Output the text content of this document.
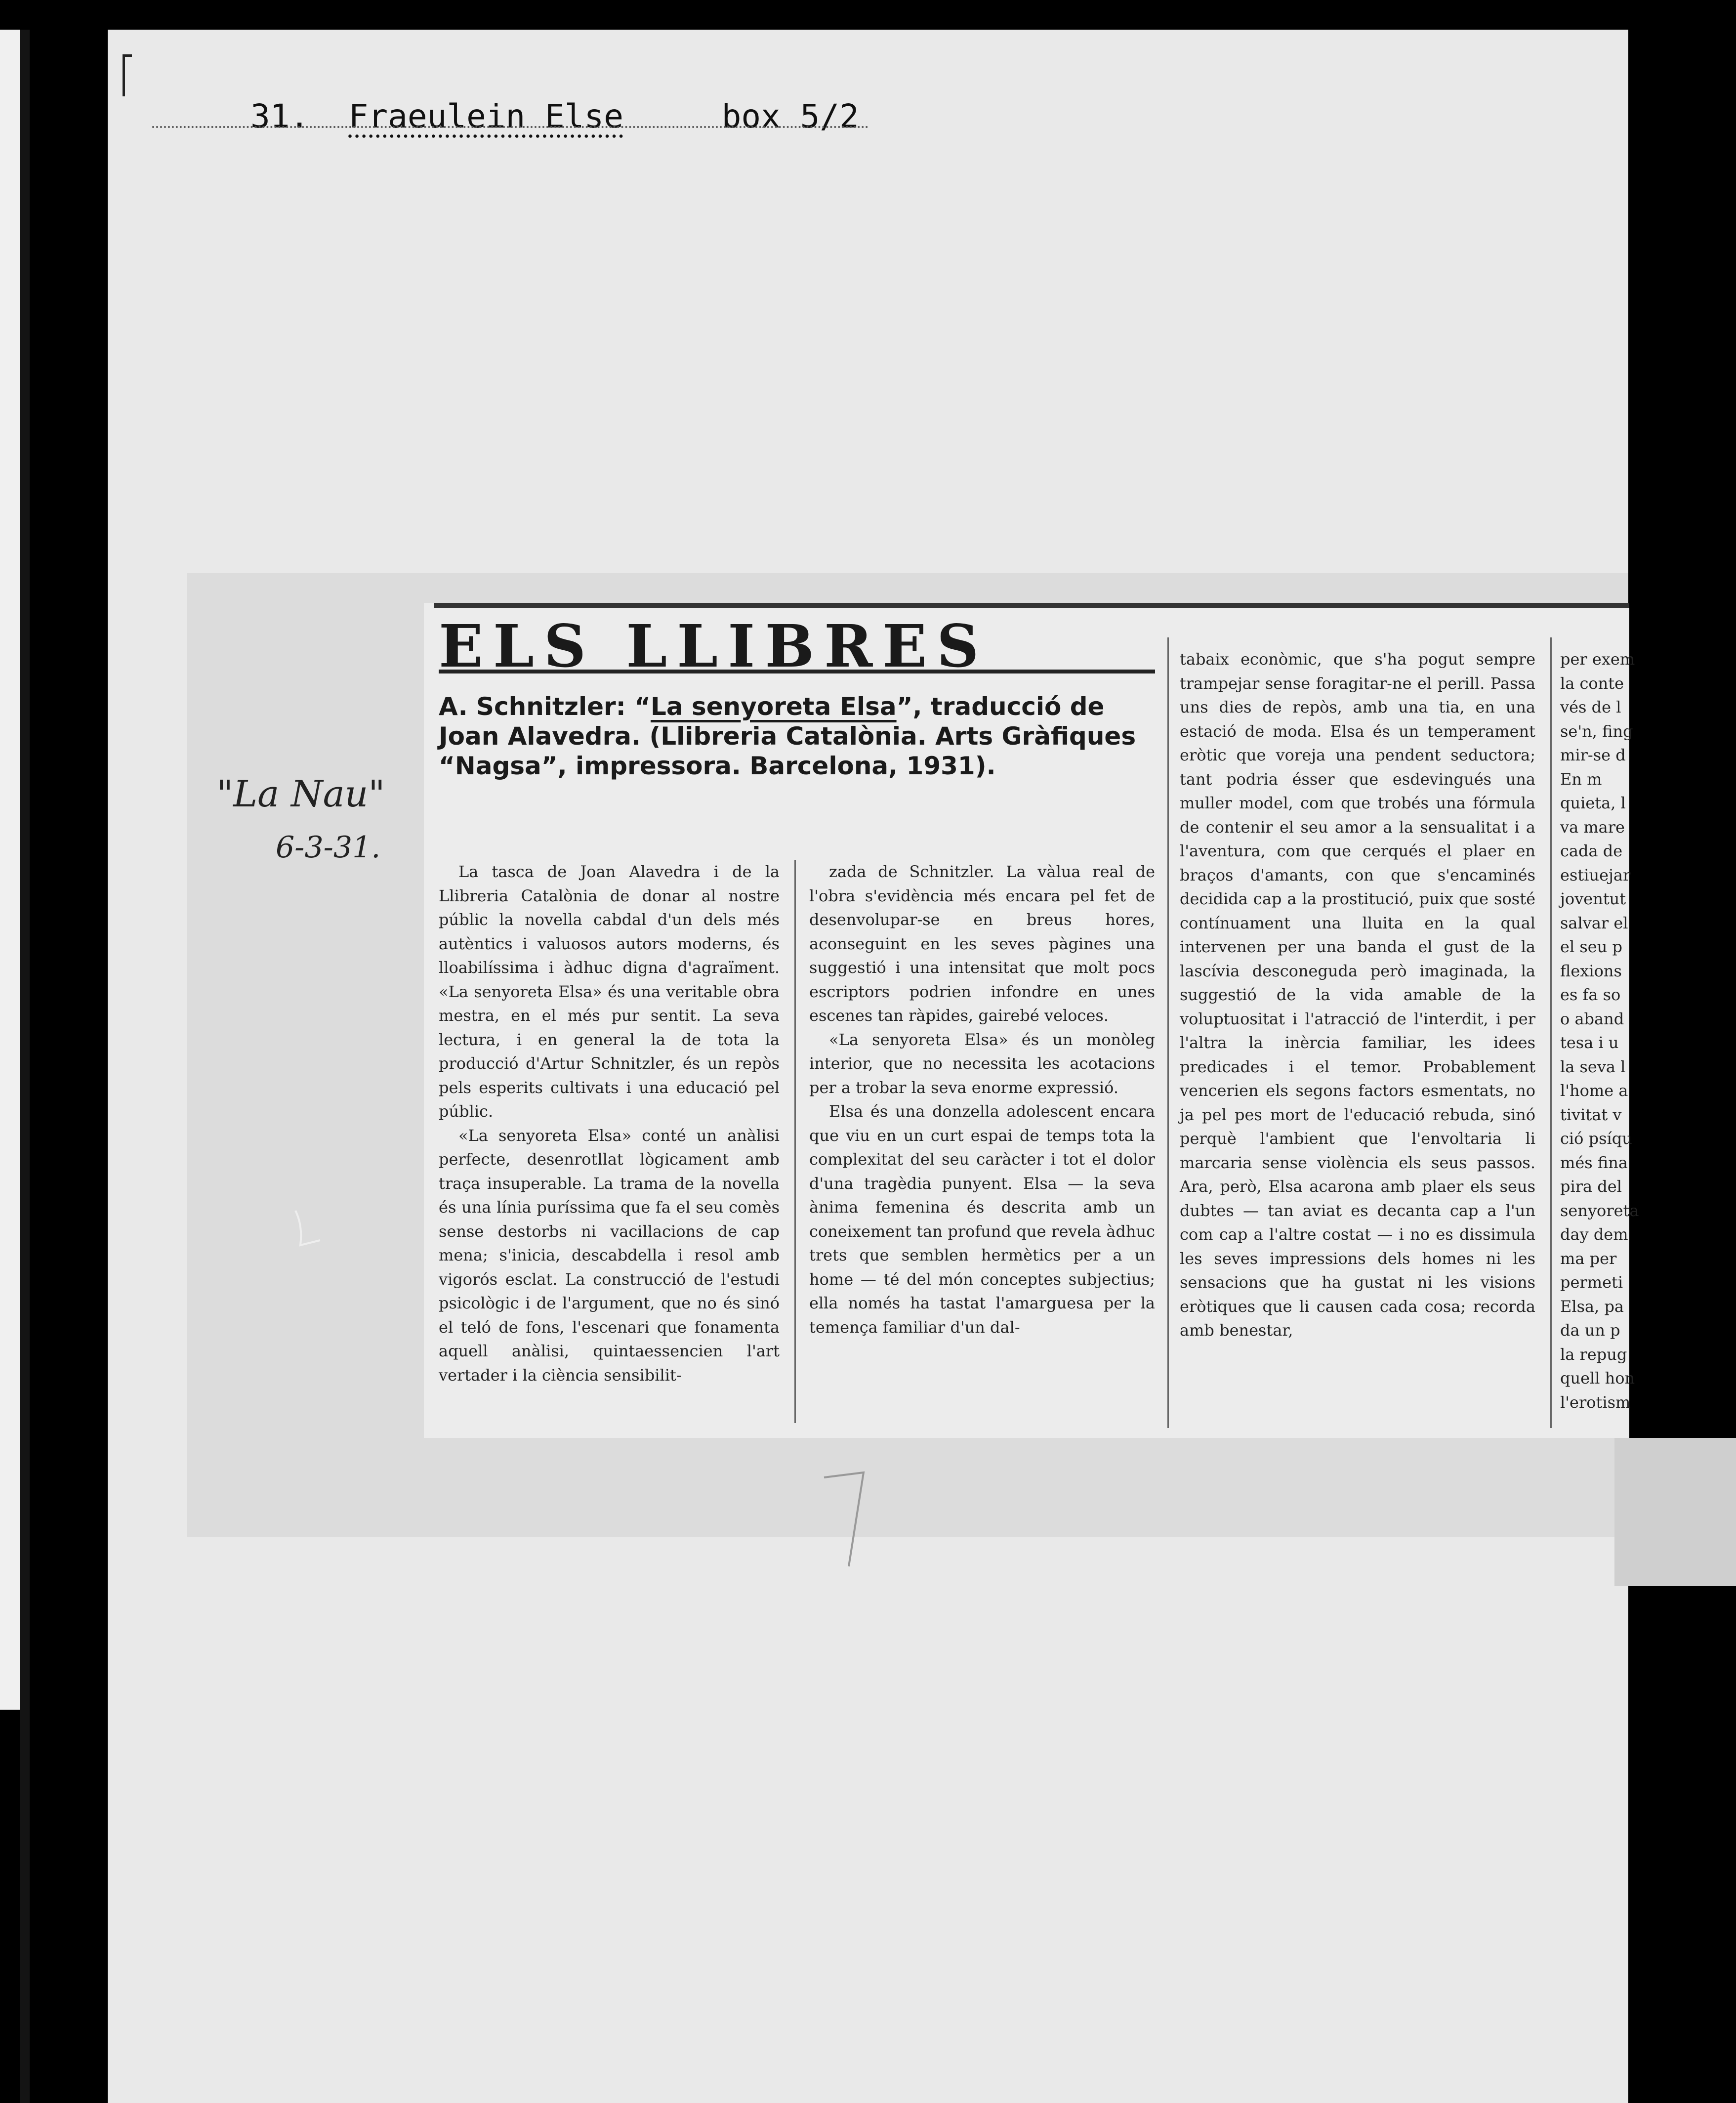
31. Fraeulein Else	box 5/2

"La Nau"
6-3-31.
ELS LLIBRES
A. Schnitzler: “La senyoreta Elsa”, traducció de Joan Alavedra. (Llibreria Catalònia. Arts Gràfiques “Nagsa”, impressora. Barcelona, 1931).

La tasca de Joan Alavedra i de la Llibreria Catalònia de donar al nostre públic la novella cabdal d'un dels més autèntics i valuosos autors moderns, és lloabilíssima i àdhuc digna d'agraïment. «La senyoreta Elsa» és una veritable obra mestra, en el més pur sentit. La seva lectura, i en general la de tota la producció d'Artur Schnitzler, és un repòs pels esperits cultivats i una educació pel públic.

«La senyoreta Elsa» conté un anàlisi perfecte, desenrotllat lògicament amb traça insuperable. La trama de la novella és una línia puríssima que fa el seu comès sense destorbs ni vacillacions de cap mena; s'inicia, descabdella i resol amb vigorós esclat. La construcció de l'estudi psicològic i de l'argument, que no és sinó el teló de fons, l'escenari que fonamenta aquell anàlisi, quintaessencien l'art vertader i la ciència sensibilit-

zada de Schnitzler. La vàlua real de l'obra s'evidència més encara pel fet de desenvolupar-se en breus hores, aconseguint en les seves pàgines una suggestió i una intensitat que molt pocs escriptors podrien infondre en unes escenes tan ràpides, gairebé veloces.

«La senyoreta Elsa» és un monòleg interior, que no necessita les acotacions per a trobar la seva enorme expressió.

Elsa és una donzella adolescent encara que viu en un curt espai de temps tota la complexitat del seu caràcter i tot el dolor d'una tragèdia punyent. Elsa — la seva ànima femenina és descrita amb un coneixement tan profund que revela àdhuc trets que semblen hermètics per a un home — té del món conceptes subjectius; ella només ha tastat l'amarguesa per la temença familiar d'un dal-

tabaix econòmic, que s'ha pogut sempre trampejar sense foragitar-ne el perill. Passa uns dies de repòs, amb una tia, en una estació de moda. Elsa és un temperament eròtic que voreja una pendent seductora; tant podria ésser que esdevingués una muller model, com que trobés una fórmula de contenir el seu amor a la sensualitat i a l'aventura, com que cerqués el plaer en braços d'amants, con que s'encaminés decidida cap a la prostitució, puix que sosté contínuament una lluita en la qual intervenen per una banda el gust de la lascívia desconeguda però imaginada, la suggestió de la vida amable de la voluptuositat i l'atracció de l'interdit, i per l'altra la inèrcia familiar, les idees predicades i el temor. Probablement vencerien els segons factors esmentats, no ja pel pes mort de l'educació rebuda, sinó perquè l'ambient que l'envoltaria li marcaria sense violència els seus passos. Ara, però, Elsa acarona amb plaer els seus dubtes — tan aviat es decanta cap a l'un com cap a l'altre costat — i no es dissimula les seves impressions dels homes ni les sensacions que ha gustat ni les visions eròtiques que li causen cada cosa; recorda amb benestar,

per exem

la conte

vés de l

se'n, fing

mir-se d

En m

quieta, l

va mare

cada de

estiuejar

joventut

salvar el

el seu p

flexions

es fa so

o aband

tesa i u

la seva l

l'home a

tivitat v

ció psíqu

més fina

pira del

senyoreta

day dem

ma per

permeti

Elsa, pa

da un p

la repug

quell hon

l'erotism
